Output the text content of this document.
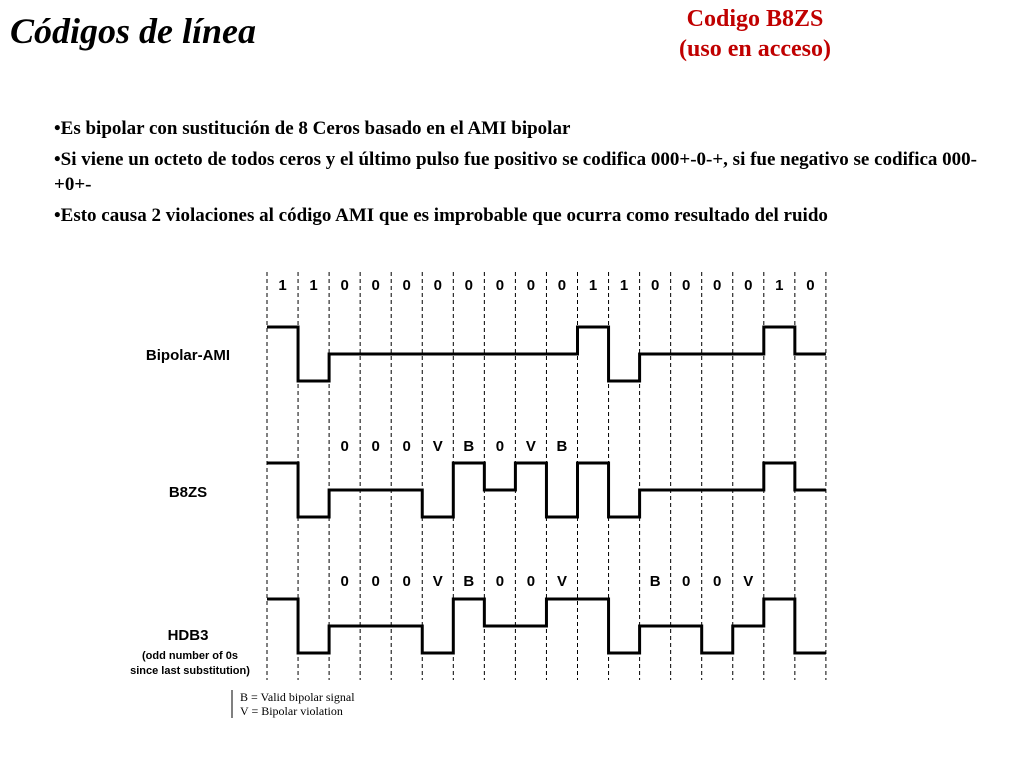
Códigos de línea	Codigo B8ZS
(uso en acceso)

•Es bipolar con sustitución de 8 Ceros basado en el AMI bipolar

•Si viene un octeto de todos ceros y el último pulso fue positivo se codifica 000+-0-+, si fue negativo se codifica 000-+0+-

•Esto causa 2 violaciones al código AMI que es improbable que ocurra como resultado del ruido

1 1 0 0 0 0 0 0 0 0 1 1 0 0 0 0 1 0
Bipolar-AMI
B8ZS
0 0 0 V B 0 V B
HDB3
(odd number of 0s
since last substitution)
0 0 0 V B 0 0 V	B 0 0 V
B = Valid bipolar signal
V = Bipolar violation
